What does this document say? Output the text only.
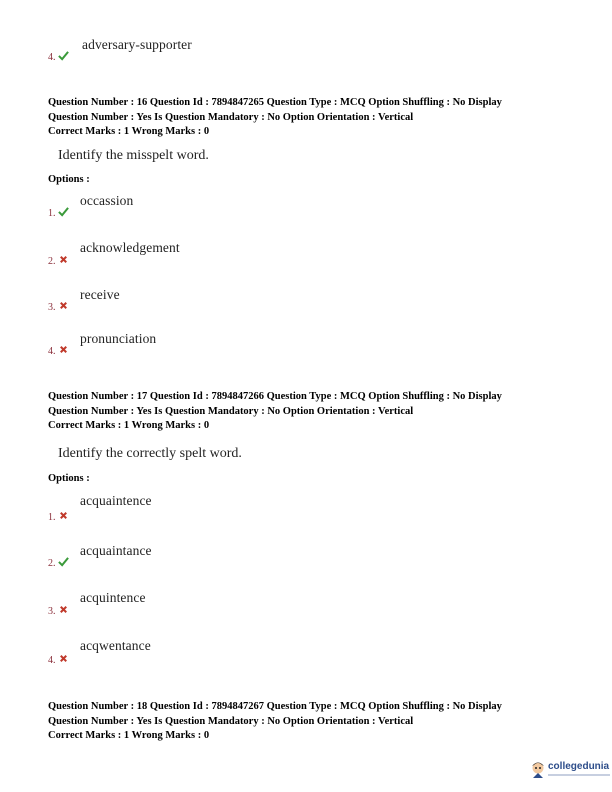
adversary-supporter
4.
Question Number : 16 Question Id : 7894847265 Question Type : MCQ Option Shuffling : No Display
Question Number : Yes Is Question Mandatory : No Option Orientation : Vertical
Correct Marks : 1 Wrong Marks : 0
Identify the misspelt word.
Options :
occassion
1.
acknowledgement
2.
receive
3.
pronunciation
4.
Question Number : 17 Question Id : 7894847266 Question Type : MCQ Option Shuffling : No Display
Question Number : Yes Is Question Mandatory : No Option Orientation : Vertical
Correct Marks : 1 Wrong Marks : 0
Identify the correctly spelt word.
Options :
acquaintence
1.
acquaintance
2.
acquintence
3.
acqwentance
4.
Question Number : 18 Question Id : 7894847267 Question Type : MCQ Option Shuffling : No Display
Question Number : Yes Is Question Mandatory : No Option Orientation : Vertical
Correct Marks : 1 Wrong Marks : 0
collegedunia
